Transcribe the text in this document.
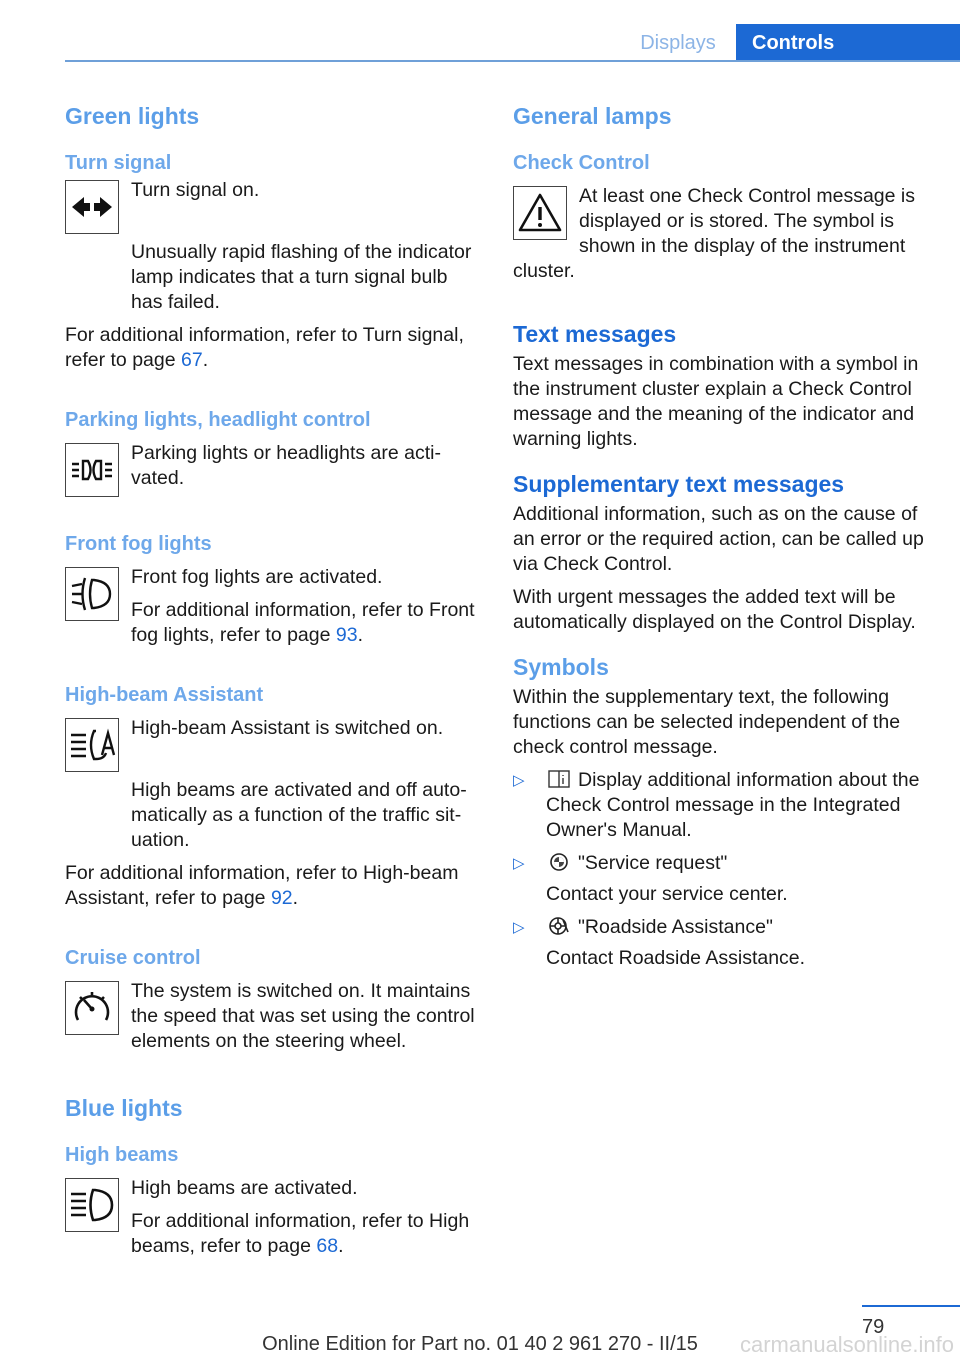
Displays	Controls
Green lights
Turn signal

Turn signal on.

Unusually rapid flashing of the indicator lamp indicates that a turn signal bulb has failed.

For additional information, refer to Turn signal, refer to page 67.

Parking lights, headlight control

Parking lights or headlights are activated.

Front fog lights

Front fog lights are activated.

For additional information, refer to Front fog lights, refer to page 93.

High-beam Assistant

High-beam Assistant is switched on.

High beams are activated and off automatically as a function of the traffic situation.

For additional information, refer to High-beam Assistant, refer to page 92.

Cruise control

The system is switched on. It maintains the speed that was set using the control elements on the steering wheel.

Blue lights
High beams

High beams are activated.

For additional information, refer to High beams, refer to page 68.

General lamps
Check Control

At least one Check Control message is displayed or is stored. The symbol is shown in the display of the instrument cluster.

Text messages

Text messages in combination with a symbol in the instrument cluster explain a Check Control message and the meaning of the indicator and warning lights.

Supplementary text messages

Additional information, such as on the cause of an error or the required action, can be called up via Check Control.

With urgent messages the added text will be automatically displayed on the Control Display.

Symbols

Within the supplementary text, the following functions can be selected independent of the check control message.

▷	Display additional information about the Check Control message in the Integrated Owner's Manual.
▷	"Service request"
Contact your service center.
▷	"Roadside Assistance"
Contact Roadside Assistance.
79
Online Edition for Part no. 01 40 2 961 270 - II/15	carmanualsonline.info
